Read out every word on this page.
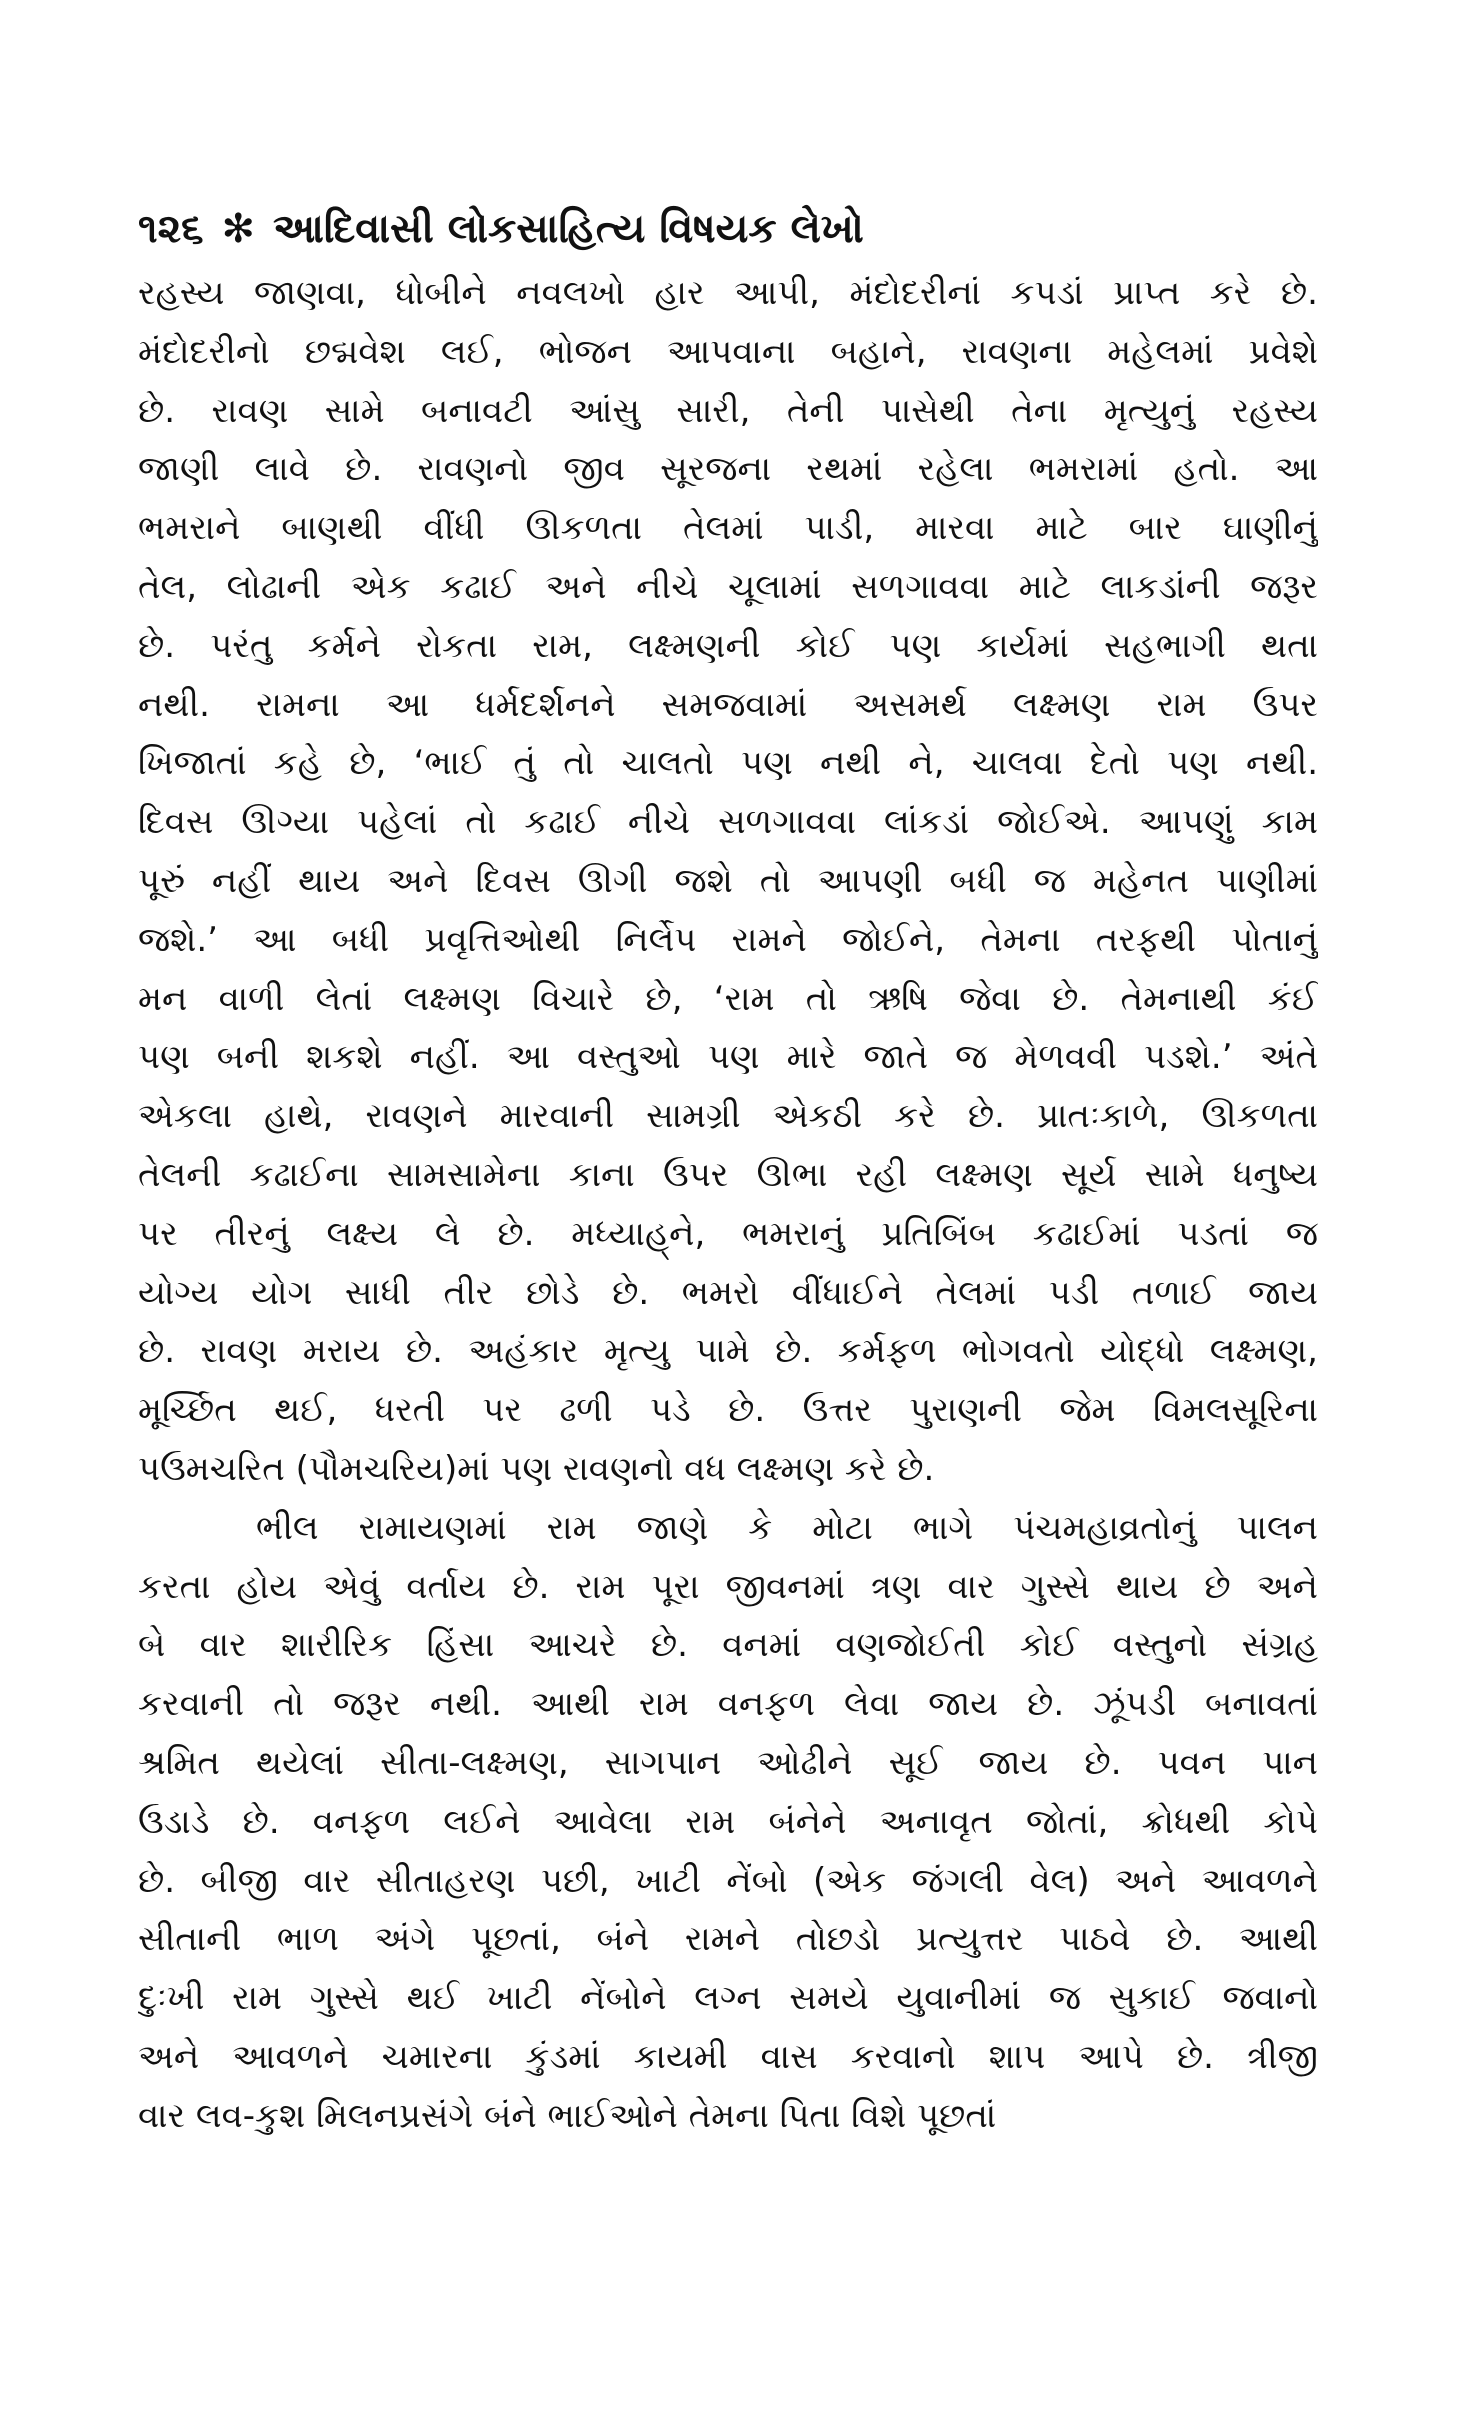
૧૨૬ ✻ આદિવાસી લોકસાહિત્ય વિષયક લેખો
રહસ્ય જાણવા, ધોબીને નવલખો હાર આપી, મંદોદરીનાં કપડાં પ્રાપ્ત કરે છે.
મંદોદરીનો છદ્મવેશ લઈ, ભોજન આપવાના બહાને, રાવણના મહેલમાં પ્રવેશે
છે. રાવણ સામે બનાવટી આંસુ સારી, તેની પાસેથી તેના મૃત્યુનું રહસ્ય
જાણી લાવે છે. રાવણનો જીવ સૂરજના રથમાં રહેલા ભમરામાં હતો. આ
ભમરાને બાણથી વીંધી ઊકળતા તેલમાં પાડી, મારવા માટે બાર ઘાણીનું
તેલ, લોઢાની એક કઢાઈ અને નીચે ચૂલામાં સળગાવવા માટે લાકડાંની જરૂર
છે. પરંતુ કર્મને રોકતા રામ, લક્ષ્મણની કોઈ પણ કાર્યમાં સહભાગી થતા
નથી. રામના આ ધર્મદર્શનને સમજવામાં અસમર્થ લક્ષ્મણ રામ ઉપર
ખિજાતાં કહે છે, ‘ભાઈ તું તો ચાલતો પણ નથી ને, ચાલવા દેતો પણ નથી.
દિવસ ઊગ્યા પહેલાં તો કઢાઈ નીચે સળગાવવા લાંકડાં જોઈએ. આપણું કામ
પૂરું નહીં થાય અને દિવસ ઊગી જશે તો આપણી બધી જ મહેનત પાણીમાં
જશે.’ આ બધી પ્રવૃત્તિઓથી નિર્લેપ રામને જોઈને, તેમના તરફથી પોતાનું
મન વાળી લેતાં લક્ષ્મણ વિચારે છે, ‘રામ તો ઋષિ જેવા છે. તેમનાથી કંઈ
પણ બની શકશે નહીં. આ વસ્તુઓ પણ મારે જાતે જ મેળવવી પડશે.’ અંતે
એકલા હાથે, રાવણને મારવાની સામગ્રી એકઠી કરે છે. પ્રાતઃકાળે, ઊકળતા
તેલની કઢાઈના સામસામેના કાના ઉપર ઊભા રહી લક્ષ્મણ સૂર્ય સામે ધનુષ્ય
પર તીરનું લક્ષ્ય લે છે. મધ્યાહ્‌ને, ભમરાનું પ્રતિબિંબ કઢાઈમાં પડતાં જ
યોગ્ય યોગ સાધી તીર છોડે છે. ભમરો વીંધાઈને તેલમાં પડી તળાઈ જાય
છે. રાવણ મરાય છે. અહંકાર મૃત્યુ પામે છે. કર્મફળ ભોગવતો યોદ્ધો લક્ષ્મણ,
મૂર્ચ્છિત થઈ, ધરતી પર ઢળી પડે છે. ઉત્તર પુરાણની જેમ વિમલસૂરિના
પઉમચરિત (પૌમચરિય)માં પણ રાવણનો વધ લક્ષ્મણ કરે છે.
ભીલ રામાયણમાં રામ જાણે કે મોટા ભાગે પંચમહાવ્રતોનું પાલન
કરતા હોય એવું વર્તાય છે. રામ પૂરા જીવનમાં ત્રણ વાર ગુસ્સે થાય છે અને
બે વાર શારીરિક હિંસા આચરે છે. વનમાં વણજોઈતી કોઈ વસ્તુનો સંગ્રહ
કરવાની તો જરૂર નથી. આથી રામ વનફળ લેવા જાય છે. ઝૂંપડી બનાવતાં
શ્રમિત થયેલાં સીતા-લક્ષ્મણ, સાગપાન ઓઢીને સૂઈ જાય છે. પવન પાન
ઉડાડે છે. વનફળ લઈને આવેલા રામ બંનેને અનાવૃત જોતાં, ક્રોધથી કોપે
છે. બીજી વાર સીતાહરણ પછી, ખાટી નેંબો (એક જંગલી વેલ) અને આવળને
સીતાની ભાળ અંગે પૂછતાં, બંને રામને તોછડો પ્રત્યુત્તર પાઠવે છે. આથી
દુઃખી રામ ગુસ્સે થઈ ખાટી નેંબોને લગ્ન સમયે યુવાનીમાં જ સુકાઈ જવાનો
અને આવળને ચમારના કુંડમાં કાયમી વાસ કરવાનો શાપ આપે છે. ત્રીજી
વાર લવ-કુશ મિલનપ્રસંગે બંને ભાઈઓને તેમના પિતા વિશે પૂછતાં
